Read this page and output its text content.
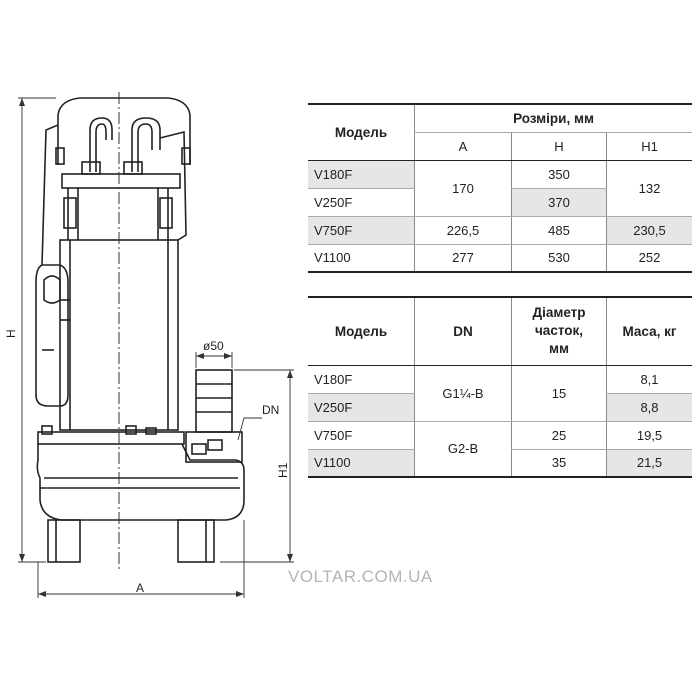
ø50
DN
H
H1
A
Модель	Розміри, мм		
	A	H	H1
V180F	170	350	132
V250F		370	
V750F	226,5	485	230,5
V1100	277	530	252
Модель	DN	Діаметр
часток,
мм	Маса, кг
V180F	G1¼-B	15	8,1
V250F			8,8
V750F	G2-B	25	19,5
V1100		35	21,5
VOLTAR.COM.UA
